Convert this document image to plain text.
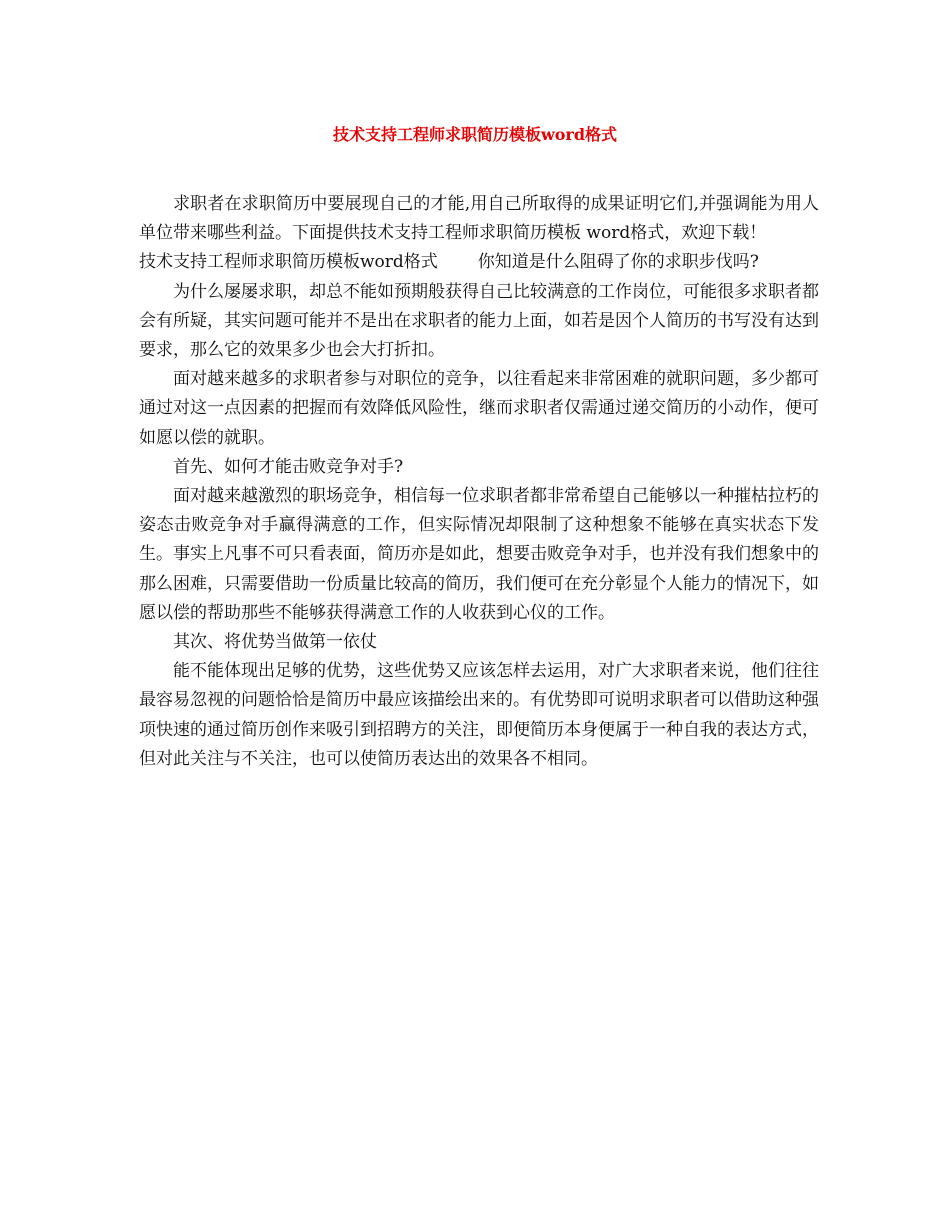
技术支持工程师求职简历模板word格式

求职者在求职简历中要展现自己的才能,用自己所取得的成果证明它们,并强调能为用人单位带来哪些利益。下面提供技术支持工程师求职简历模板 word格式，欢迎下载！

技术支持工程师求职简历模板word格式 你知道是什么阻碍了你的求职步伐吗?

为什么屡屡求职，却总不能如预期般获得自己比较满意的工作岗位，可能很多求职者都会有所疑，其实问题可能并不是出在求职者的能力上面，如若是因个人简历的书写没有达到要求，那么它的效果多少也会大打折扣。

面对越来越多的求职者参与对职位的竞争，以往看起来非常困难的就职问题，多少都可通过对这一点因素的把握而有效降低风险性，继而求职者仅需通过递交简历的小动作，便可如愿以偿的就职。

首先、如何才能击败竞争对手?

面对越来越激烈的职场竞争，相信每一位求职者都非常希望自己能够以一种摧枯拉朽的姿态击败竞争对手赢得满意的工作，但实际情况却限制了这种想象不能够在真实状态下发生。事实上凡事不可只看表面，简历亦是如此，想要击败竞争对手，也并没有我们想象中的那么困难，只需要借助一份质量比较高的简历，我们便可在充分彰显个人能力的情况下，如愿以偿的帮助那些不能够获得满意工作的人收获到心仪的工作。

其次、将优势当做第一依仗

能不能体现出足够的优势，这些优势又应该怎样去运用，对广大求职者来说，他们往往最容易忽视的问题恰恰是简历中最应该描绘出来的。有优势即可说明求职者可以借助这种强项快速的通过简历创作来吸引到招聘方的关注，即便简历本身便属于一种自我的表达方式，但对此关注与不关注，也可以使简历表达出的效果各不相同。
